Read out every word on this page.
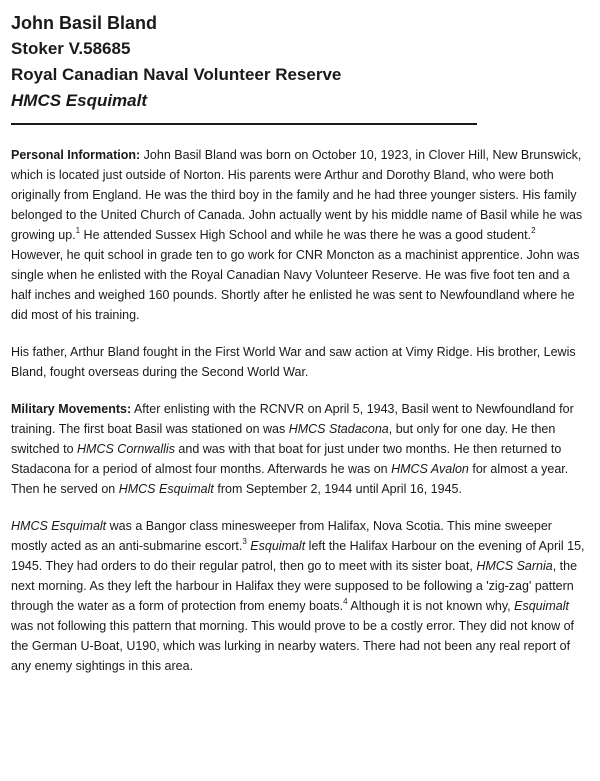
John Basil Bland

Stoker V.58685

Royal Canadian Naval Volunteer Reserve

HMCS Esquimalt

Personal Information: John Basil Bland was born on October 10, 1923, in Clover Hill, New Brunswick, which is located just outside of Norton. His parents were Arthur and Dorothy Bland, who were both originally from England. He was the third boy in the family and he had three younger sisters. His family belonged to the United Church of Canada. John actually went by his middle name of Basil while he was growing up.$^1$ He attended Sussex High School and while he was there he was a good student.$^2$ However, he quit school in grade ten to go work for CNR Moncton as a machinist apprentice. John was single when he enlisted with the Royal Canadian Navy Volunteer Reserve. He was five foot ten and a half inches and weighed 160 pounds. Shortly after he enlisted he was sent to Newfoundland where he did most of his training.

His father, Arthur Bland fought in the First World War and saw action at Vimy Ridge. His brother, Lewis Bland, fought overseas during the Second World War.

Military Movements: After enlisting with the RCNVR on April 5, 1943, Basil went to Newfoundland for training. The first boat Basil was stationed on was HMCS Stadacona, but only for one day. He then switched to HMCS Cornwallis and was with that boat for just under two months. He then returned to Stadacona for a period of almost four months. Afterwards he was on HMCS Avalon for almost a year. Then he served on HMCS Esquimalt from September 2, 1944 until April 16, 1945.

HMCS Esquimalt was a Bangor class minesweeper from Halifax, Nova Scotia. This mine sweeper mostly acted as an anti-submarine escort.$^3$ Esquimalt left the Halifax Harbour on the evening of April 15, 1945. They had orders to do their regular patrol, then go to meet with its sister boat, HMCS Sarnia, the next morning. As they left the harbour in Halifax they were supposed to be following a 'zig-zag' pattern through the water as a form of protection from enemy boats.$^4$ Although it is not known why, Esquimalt was not following this pattern that morning. This would prove to be a costly error. They did not know of the German U-Boat, U190, which was lurking in nearby waters. There had not been any real report of any enemy sightings in this area.
